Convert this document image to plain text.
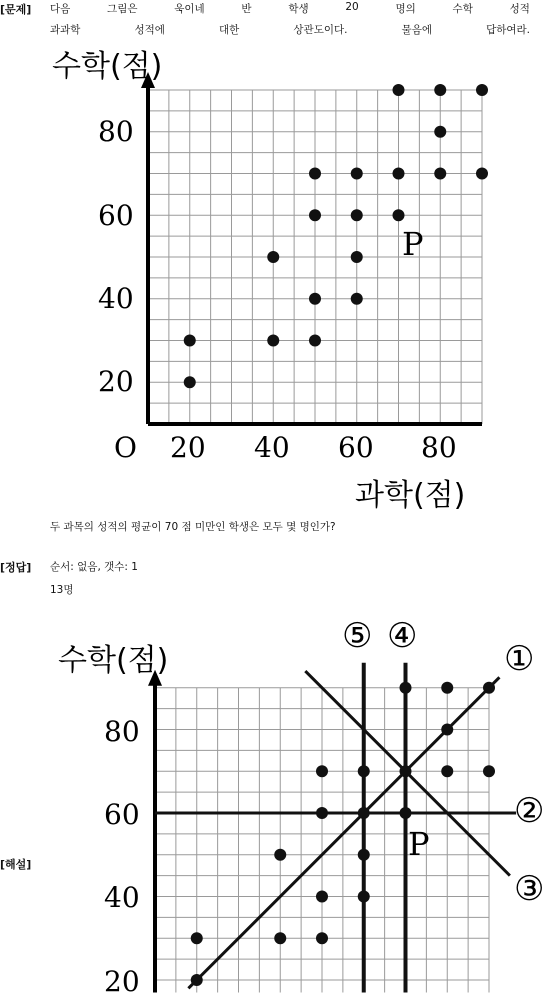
[문제] 다음	그림은	욱이네	반	학생	20	명의	수학	성적
과과학	성적에	대한	상관도이다.	물음에	답하여라.
수학(점)
과학(점)
O 20 40 60 80
20
40
60
80
P
두 과목의 성적의 평균이 70 점 미만인 학생은 모두 몇 명인가?
[정답] 순서: 없음, 갯수: 1
13명
[해설]
수학(점)
80
60
40
20
P
①
②
③
④
⑤
